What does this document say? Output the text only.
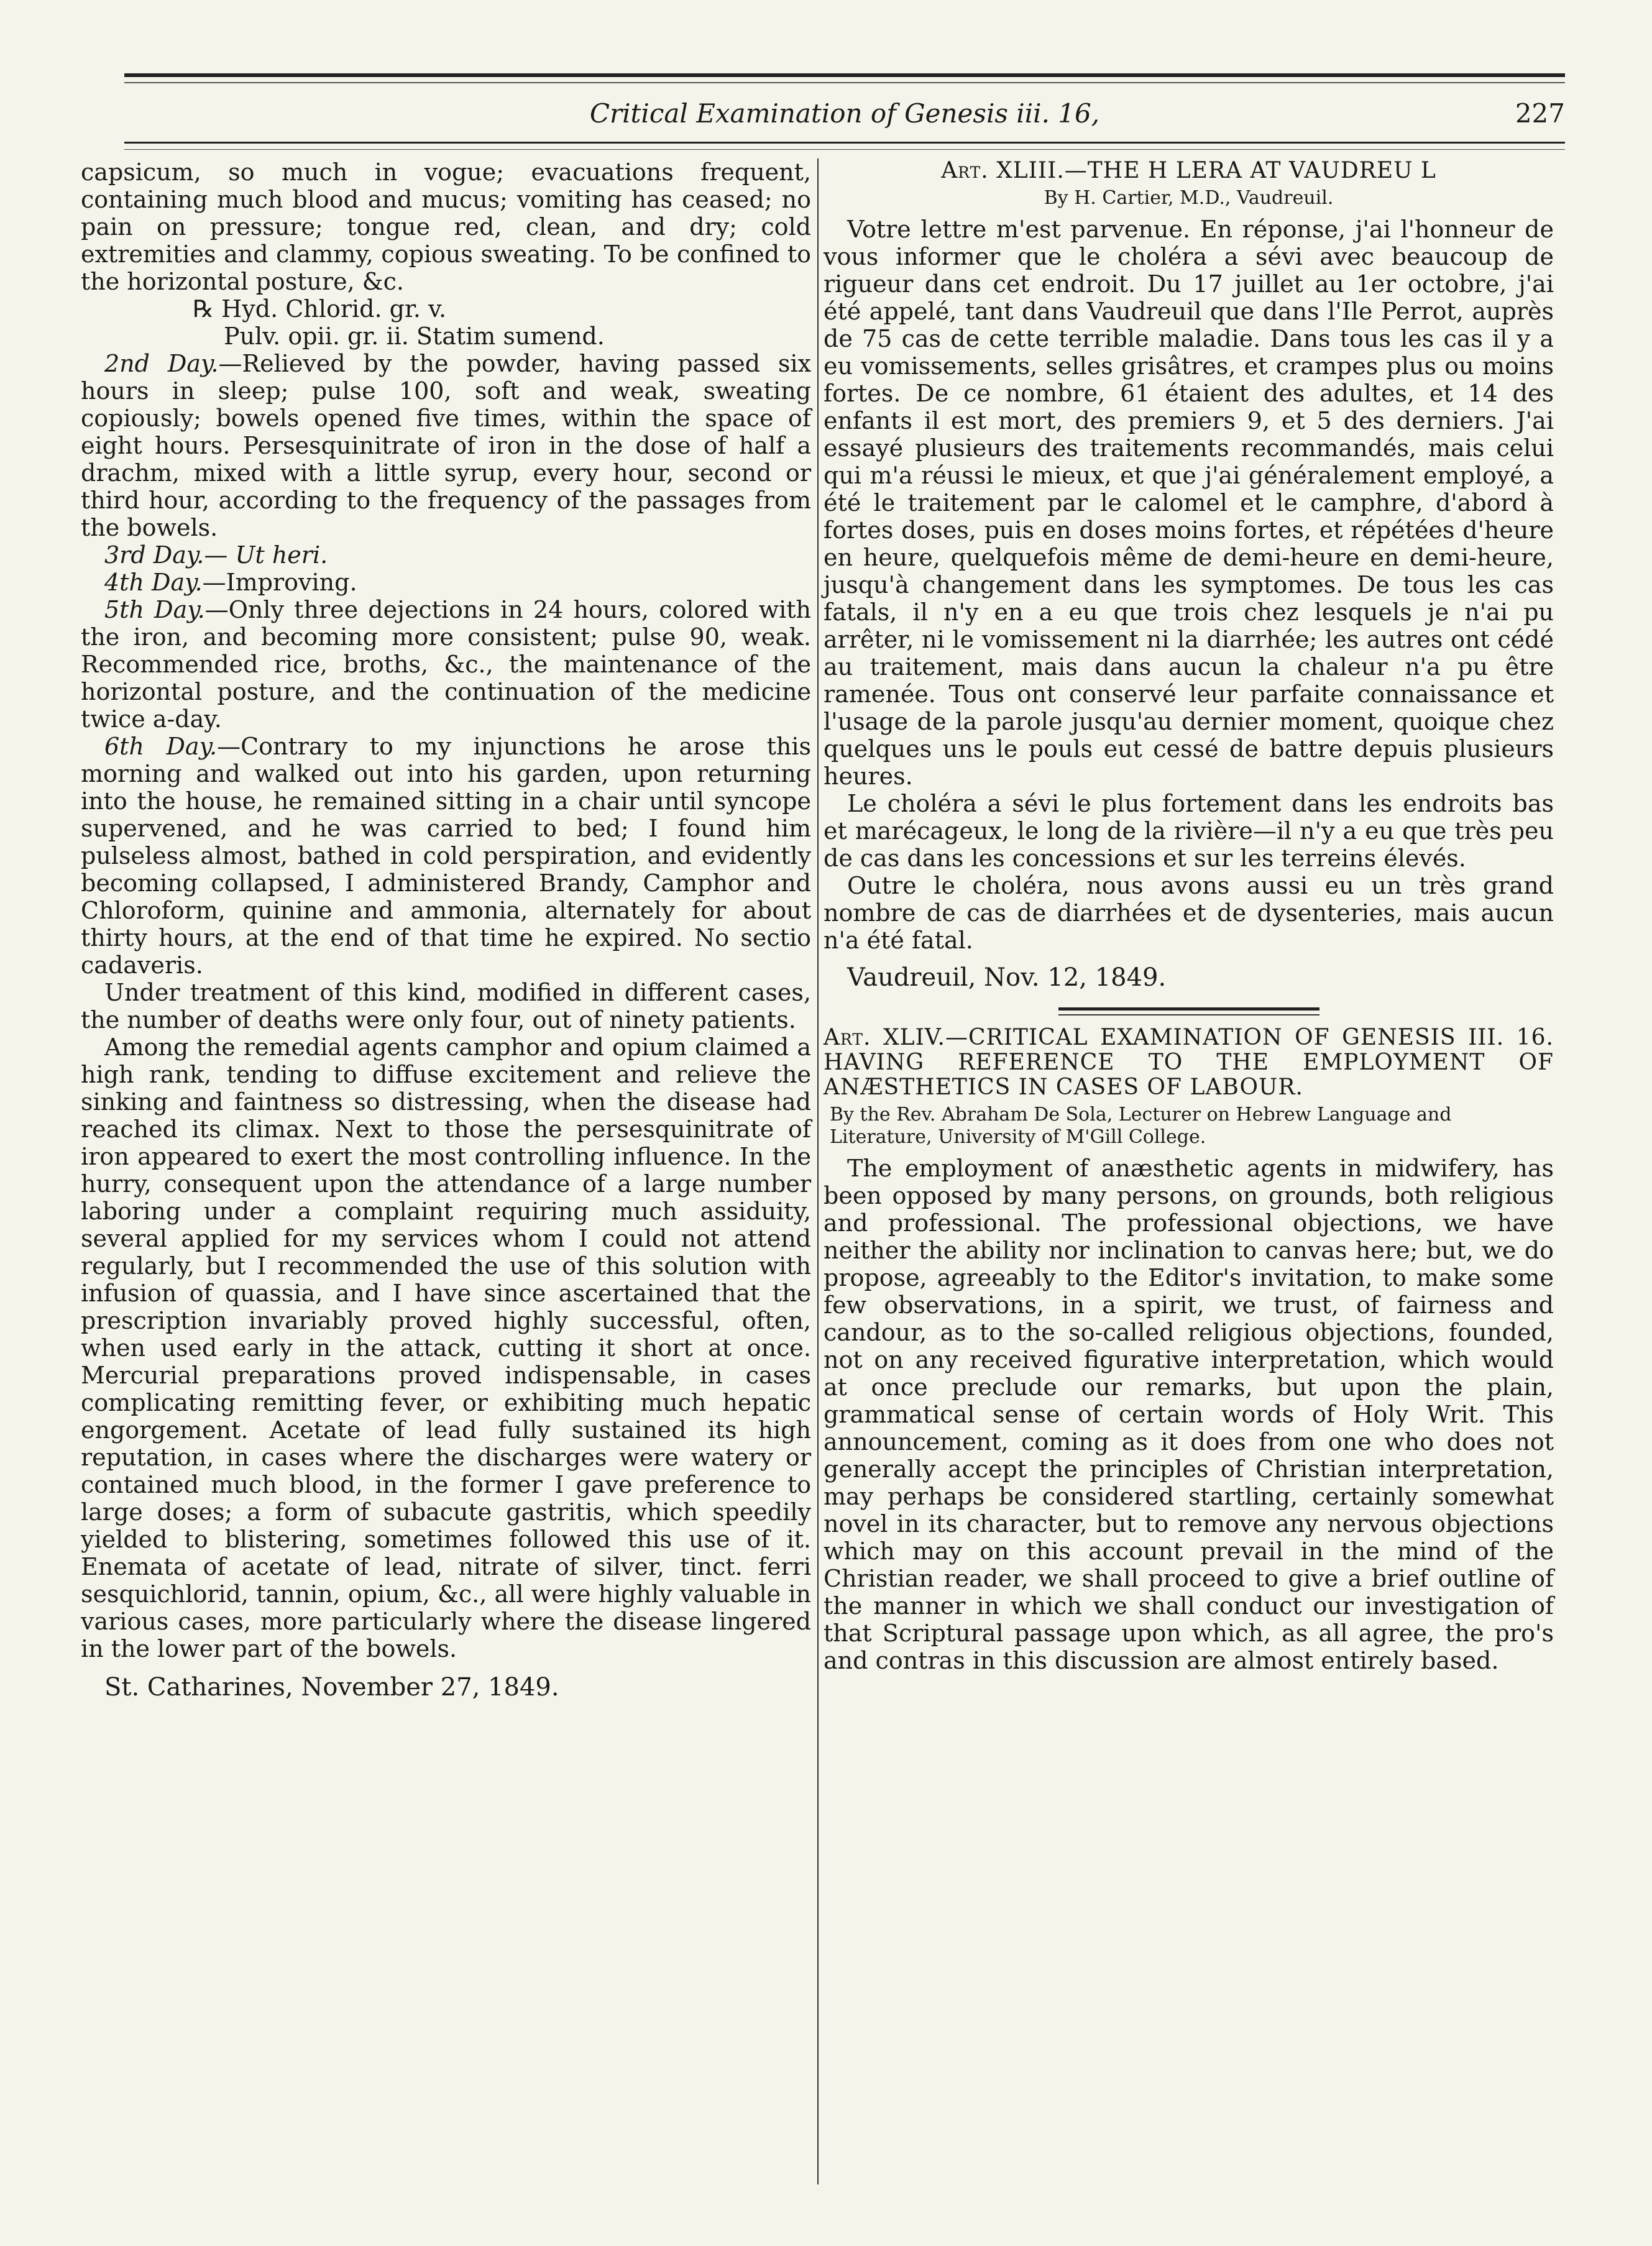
Critical Examination of Genesis iii. 16,	227

capsicum, so much in vogue; evacuations frequent, containing much blood and mucus; vomiting has ceased; no pain on pressure; tongue red, clean, and dry; cold extremities and clammy, copious sweating. To be confined to the horizontal posture, &c.

℞ Hyd. Chlorid. gr. v.

Pulv. opii. gr. ii. Statim sumend.

2nd Day.—Relieved by the powder, having passed six hours in sleep; pulse 100, soft and weak, sweating copiously; bowels opened five times, within the space of eight hours. Persesquinitrate of iron in the dose of half a drachm, mixed with a little syrup, every hour, second or third hour, according to the frequency of the passages from the bowels.

3rd Day.— Ut heri.

4th Day.—Improving.

5th Day.—Only three dejections in 24 hours, colored with the iron, and becoming more consistent; pulse 90, weak. Recommended rice, broths, &c., the maintenance of the horizontal posture, and the continuation of the medicine twice a-day.

6th Day.—Contrary to my injunctions he arose this morning and walked out into his garden, upon returning into the house, he remained sitting in a chair until syncope supervened, and he was carried to bed; I found him pulseless almost, bathed in cold perspiration, and evidently becoming collapsed, I administered Brandy, Camphor and Chloroform, quinine and ammonia, alternately for about thirty hours, at the end of that time he expired. No sectio cadaveris.

Under treatment of this kind, modified in different cases, the number of deaths were only four, out of ninety patients.

Among the remedial agents camphor and opium claimed a high rank, tending to diffuse excitement and relieve the sinking and faintness so distressing, when the disease had reached its climax. Next to those the persesquinitrate of iron appeared to exert the most controlling influence. In the hurry, consequent upon the attendance of a large number laboring under a complaint requiring much assiduity, several applied for my services whom I could not attend regularly, but I recommended the use of this solution with infusion of quassia, and I have since ascertained that the prescription invariably proved highly successful, often, when used early in the attack, cutting it short at once. Mercurial preparations proved indispensable, in cases complicating remitting fever, or exhibiting much hepatic engorgement. Acetate of lead fully sustained its high reputation, in cases where the discharges were watery or contained much blood, in the former I gave preference to large doses; a form of subacute gastritis, which speedily yielded to blistering, sometimes followed this use of it. Enemata of acetate of lead, nitrate of silver, tinct. ferri sesquichlorid, tannin, opium, &c., all were highly valuable in various cases, more particularly where the disease lingered in the lower part of the bowels.

St. Catharines, November 27, 1849.

Art. XLIII.—THE H LERA AT VAUDREU L

By H. Cartier, M.D., Vaudreuil.

Votre lettre m'est parvenue. En réponse, j'ai l'honneur de vous informer que le choléra a sévi avec beaucoup de rigueur dans cet endroit. Du 17 juillet au 1er octobre, j'ai été appelé, tant dans Vaudreuil que dans l'Ile Perrot, auprès de 75 cas de cette terrible maladie. Dans tous les cas il y a eu vomissements, selles grisâtres, et crampes plus ou moins fortes. De ce nombre, 61 étaient des adultes, et 14 des enfants il est mort, des premiers 9, et 5 des derniers. J'ai essayé plusieurs des traitements recommandés, mais celui qui m'a réussi le mieux, et que j'ai généralement employé, a été le traitement par le calomel et le camphre, d'abord à fortes doses, puis en doses moins fortes, et répétées d'heure en heure, quelquefois même de demi-heure en demi-heure, jusqu'à changement dans les symptomes. De tous les cas fatals, il n'y en a eu que trois chez lesquels je n'ai pu arrêter, ni le vomissement ni la diarrhée; les autres ont cédé au traitement, mais dans aucun la chaleur n'a pu être ramenée. Tous ont conservé leur parfaite connaissance et l'usage de la parole jusqu'au dernier moment, quoique chez quelques uns le pouls eut cessé de battre depuis plusieurs heures.

Le choléra a sévi le plus fortement dans les endroits bas et marécageux, le long de la rivière—il n'y a eu que très peu de cas dans les concessions et sur les terreins élevés.

Outre le choléra, nous avons aussi eu un très grand nombre de cas de diarrhées et de dysenteries, mais aucun n'a été fatal.

Vaudreuil, Nov. 12, 1849.

Art. XLIV.—CRITICAL EXAMINATION OF GENESIS III. 16. HAVING REFERENCE TO THE EMPLOYMENT OF ANÆSTHETICS IN CASES OF LABOUR.

By the Rev. Abraham De Sola, Lecturer on Hebrew Language and Literature, University of M'Gill College.

The employment of anæsthetic agents in midwifery, has been opposed by many persons, on grounds, both religious and professional. The professional objections, we have neither the ability nor inclination to canvas here; but, we do propose, agreeably to the Editor's invitation, to make some few observations, in a spirit, we trust, of fairness and candour, as to the so-called religious objections, founded, not on any received figurative interpretation, which would at once preclude our remarks, but upon the plain, grammatical sense of certain words of Holy Writ. This announcement, coming as it does from one who does not generally accept the principles of Christian interpretation, may perhaps be considered startling, certainly somewhat novel in its character, but to remove any nervous objections which may on this account prevail in the mind of the Christian reader, we shall proceed to give a brief outline of the manner in which we shall conduct our investigation of that Scriptural passage upon which, as all agree, the pro's and contras in this discussion are almost entirely based.
